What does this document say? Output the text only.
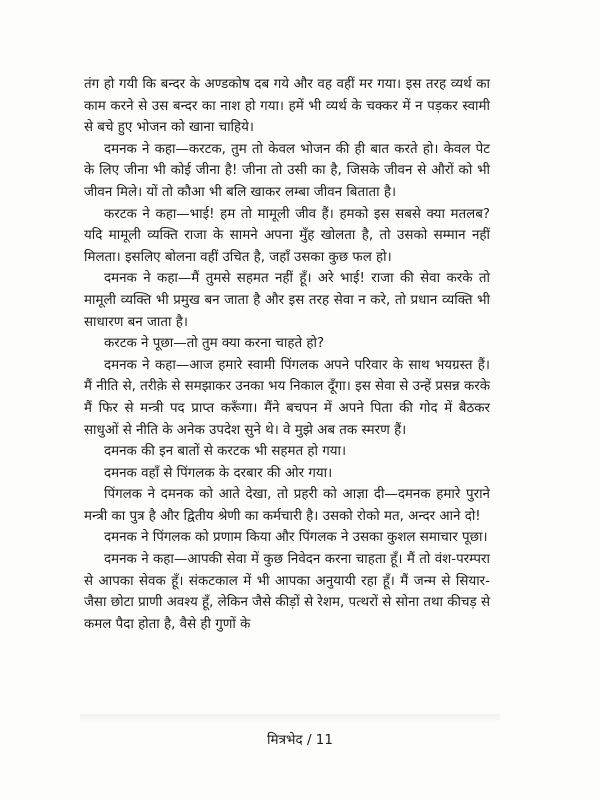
तंग हो गयी कि बन्दर के अण्डकोष दब गये और वह वहीं मर गया। इस तरह व्यर्थ का काम करने से उस बन्दर का नाश हो गया। हमें भी व्यर्थ के चक्कर में न पड़कर स्वामी से बचे हुए भोजन को खाना चाहिये।

दमनक ने कहा—करटक, तुम तो केवल भोजन की ही बात करते हो। केवल पेट के लिए जीना भी कोई जीना है! जीना तो उसी का है, जिसके जीवन से औरों को भी जीवन मिले। यों तो कौआ भी बलि खाकर लम्बा जीवन बिताता है।

करटक ने कहा—भाई! हम तो मामूली जीव हैं। हमको इस सबसे क्या मतलब? यदि मामूली व्यक्ति राजा के सामने अपना मुँह खोलता है, तो उसको सम्मान नहीं मिलता। इसलिए बोलना वहीं उचित है, जहाँ उसका कुछ फल हो।

दमनक ने कहा—मैं तुमसे सहमत नहीं हूँ। अरे भाई! राजा की सेवा करके तो मामूली व्यक्ति भी प्रमुख बन जाता है और इस तरह सेवा न करे, तो प्रधान व्यक्ति भी साधारण बन जाता है।

करटक ने पूछा—तो तुम क्या करना चाहते हो?

दमनक ने कहा—आज हमारे स्वामी पिंगलक अपने परिवार के साथ भयग्रस्त हैं। मैं नीति से, तरीक़े से समझाकर उनका भय निकाल दूँगा। इस सेवा से उन्हें प्रसन्न करके मैं फिर से मन्त्री पद प्राप्त करूँगा। मैंने बचपन में अपने पिता की गोद में बैठकर साधुओं से नीति के अनेक उपदेश सुने थे। वे मुझे अब तक स्मरण हैं।

दमनक की इन बातों से करटक भी सहमत हो गया।

दमनक वहाँ से पिंगलक के दरबार की ओर गया।

पिंगलक ने दमनक को आते देखा, तो प्रहरी को आज्ञा दी—दमनक हमारे पुराने मन्त्री का पुत्र है और द्वितीय श्रेणी का कर्मचारी है। उसको रोको मत, अन्दर आने दो!

दमनक ने पिंगलक को प्रणाम किया और पिंगलक ने उसका कुशल समाचार पूछा।

दमनक ने कहा—आपकी सेवा में कुछ निवेदन करना चाहता हूँ। मैं तो वंश-परम्परा से आपका सेवक हूँ। संकटकाल में भी आपका अनुयायी रहा हूँ। मैं जन्म से सियार-जैसा छोटा प्राणी अवश्य हूँ, लेकिन जैसे कीड़ों से रेशम, पत्थरों से सोना तथा कीचड़ से कमल पैदा होता है, वैसे ही गुणों के

मित्रभेद / 11
